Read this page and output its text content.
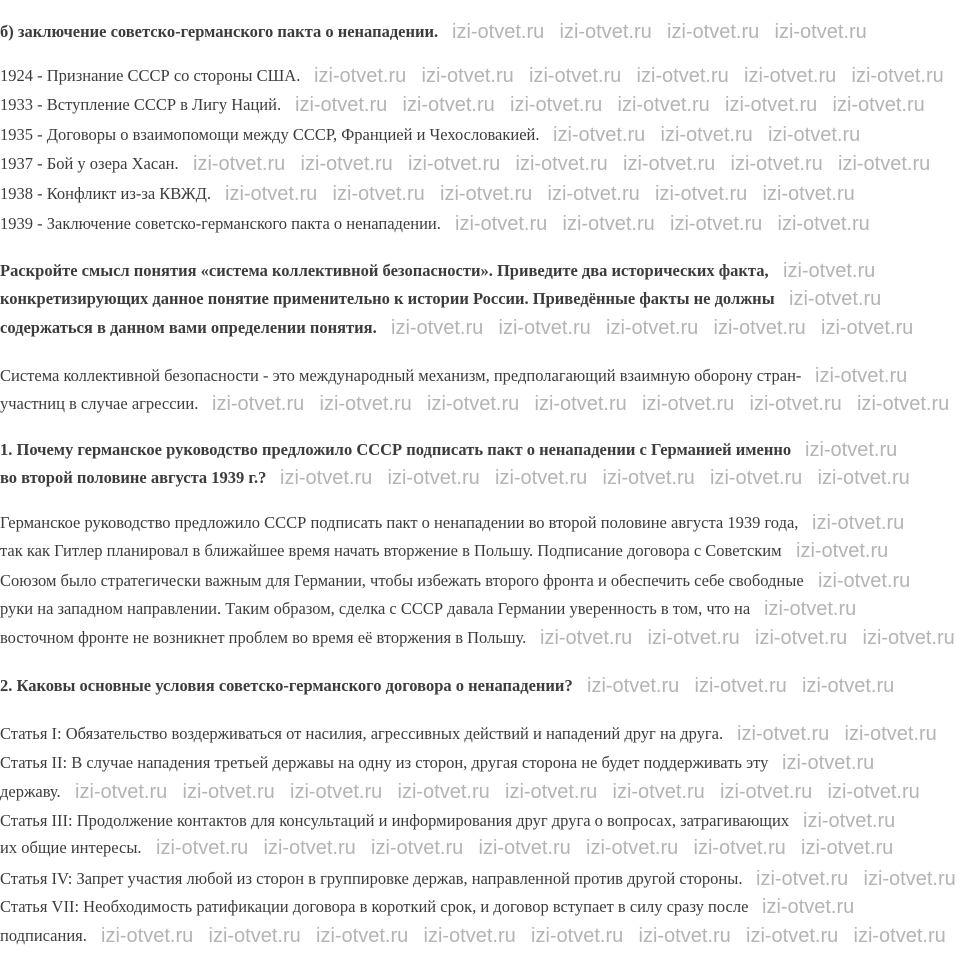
izi-otvet.ru izi-otvet.ru izi-otvet.ru izi-otvet.ru
izi-otvet.ru izi-otvet.ru izi-otvet.ru izi-otvet.ru izi-otvet.ru izi-otvet.ru
izi-otvet.ru izi-otvet.ru izi-otvet.ru izi-otvet.ru izi-otvet.ru izi-otvet.ru
izi-otvet.ru izi-otvet.ru izi-otvet.ru
izi-otvet.ru izi-otvet.ru izi-otvet.ru izi-otvet.ru izi-otvet.ru izi-otvet.ru izi-otvet.ru
izi-otvet.ru izi-otvet.ru izi-otvet.ru izi-otvet.ru izi-otvet.ru izi-otvet.ru
izi-otvet.ru izi-otvet.ru izi-otvet.ru izi-otvet.ru
izi-otvet.ru
izi-otvet.ru
izi-otvet.ru izi-otvet.ru izi-otvet.ru izi-otvet.ru izi-otvet.ru
izi-otvet.ru
izi-otvet.ru izi-otvet.ru izi-otvet.ru izi-otvet.ru izi-otvet.ru izi-otvet.ru izi-otvet.ru
izi-otvet.ru
izi-otvet.ru izi-otvet.ru izi-otvet.ru izi-otvet.ru izi-otvet.ru izi-otvet.ru
izi-otvet.ru
izi-otvet.ru
izi-otvet.ru
izi-otvet.ru
izi-otvet.ru izi-otvet.ru izi-otvet.ru izi-otvet.ru
izi-otvet.ru izi-otvet.ru izi-otvet.ru
izi-otvet.ru izi-otvet.ru
izi-otvet.ru
izi-otvet.ru izi-otvet.ru izi-otvet.ru izi-otvet.ru izi-otvet.ru izi-otvet.ru izi-otvet.ru izi-otvet.ru
izi-otvet.ru
izi-otvet.ru izi-otvet.ru izi-otvet.ru izi-otvet.ru izi-otvet.ru izi-otvet.ru izi-otvet.ru
izi-otvet.ru izi-otvet.ru
izi-otvet.ru
izi-otvet.ru izi-otvet.ru izi-otvet.ru izi-otvet.ru izi-otvet.ru izi-otvet.ru izi-otvet.ru izi-otvet.ru
б) заключение советско-германского пакта о ненападении.
1924 - Признание СССР со стороны США.
1933 - Вступление СССР в Лигу Наций.
1935 - Договоры о взаимопомощи между СССР, Францией и Чехословакией.
1937 - Бой у озера Хасан.
1938 - Конфликт из-за КВЖД.
1939 - Заключение советско-германского пакта о ненападении.
Раскройте смысл понятия «система коллективной безопасности». Приведите два исторических факта,
конкретизирующих данное понятие применительно к истории России. Приведённые факты не должны
содержаться в данном вами определении понятия.
Система коллективной безопасности - это международный механизм, предполагающий взаимную оборону стран-
участниц в случае агрессии.
1. Почему германское руководство предложило СССР подписать пакт о ненападении с Германией именно
во второй половине августа 1939 г.?
Германское руководство предложило СССР подписать пакт о ненападении во второй половине августа 1939 года,
так как Гитлер планировал в ближайшее время начать вторжение в Польшу. Подписание договора с Советским
Союзом было стратегически важным для Германии, чтобы избежать второго фронта и обеспечить себе свободные
руки на западном направлении. Таким образом, сделка с СССР давала Германии уверенность в том, что на
восточном фронте не возникнет проблем во время её вторжения в Польшу.
2. Каковы основные условия советско-германского договора о ненападении?
Статья I: Обязательство воздерживаться от насилия, агрессивных действий и нападений друг на друга.
Статья II: В случае нападения третьей державы на одну из сторон, другая сторона не будет поддерживать эту
державу.
Статья III: Продолжение контактов для консультаций и информирования друг друга о вопросах, затрагивающих
их общие интересы.
Статья IV: Запрет участия любой из сторон в группировке держав, направленной против другой стороны.
Статья VII: Необходимость ратификации договора в короткий срок, и договор вступает в силу сразу после
подписания.
